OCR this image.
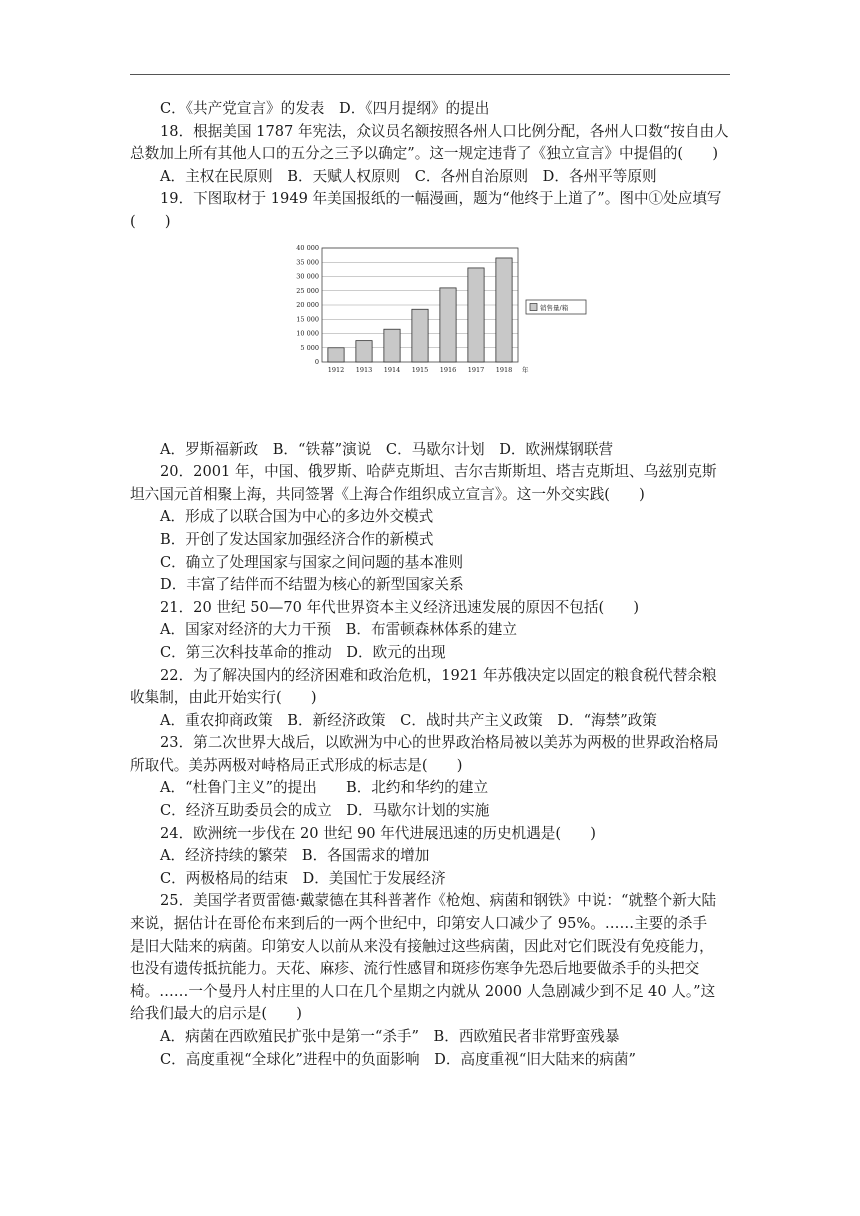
C．《共产党宣言》的发表　D．《四月提纲》的提出
18．根据美国 1787 年宪法，众议员名额按照各州人口比例分配，各州人口数“按自由人
总数加上所有其他人口的五分之三予以确定”。这一规定违背了《独立宣言》中提倡的(　　)
A．主权在民原则　B．天赋人权原则　C．各州自治原则　D．各州平等原则
19．下图取材于 1949 年美国报纸的一幅漫画，题为“他终于上道了”。图中①处应填写
(　　)
0
5 000
10 000
15 000
20 000
25 000
30 000
35 000
40 000
1912 1913 1914 1915 1916 1917 1918 年
销售量/箱
A．罗斯福新政　B．“铁幕”演说　C．马歇尔计划　D．欧洲煤钢联营
20．2001 年，中国、俄罗斯、哈萨克斯坦、吉尔吉斯斯坦、塔吉克斯坦、乌兹别克斯
坦六国元首相聚上海，共同签署《上海合作组织成立宣言》。这一外交实践(　　)
A．形成了以联合国为中心的多边外交模式
B．开创了发达国家加强经济合作的新模式
C．确立了处理国家与国家之间问题的基本准则
D．丰富了结伴而不结盟为核心的新型国家关系
21．20 世纪 50—70 年代世界资本主义经济迅速发展的原因不包括(　　)
A．国家对经济的大力干预　B．布雷顿森林体系的建立
C．第三次科技革命的推动　D．欧元的出现
22．为了解决国内的经济困难和政治危机，1921 年苏俄决定以固定的粮食税代替余粮
收集制，由此开始实行(　　)
A．重农抑商政策　B．新经济政策　C．战时共产主义政策　D．“海禁”政策
23．第二次世界大战后，以欧洲为中心的世界政治格局被以美苏为两极的世界政治格局
所取代。美苏两极对峙格局正式形成的标志是(　　)
A．“杜鲁门主义”的提出　　B．北约和华约的建立
C．经济互助委员会的成立　D．马歇尔计划的实施
24．欧洲统一步伐在 20 世纪 90 年代进展迅速的历史机遇是(　　)
A．经济持续的繁荣　B．各国需求的增加
C．两极格局的结束　D．美国忙于发展经济
25．美国学者贾雷德·戴蒙德在其科普著作《枪炮、病菌和钢铁》中说：“就整个新大陆
来说，据估计在哥伦布来到后的一两个世纪中，印第安人口减少了 95%。……主要的杀手
是旧大陆来的病菌。印第安人以前从来没有接触过这些病菌，因此对它们既没有免疫能力，
也没有遗传抵抗能力。天花、麻疹、流行性感冒和斑疹伤寒争先恐后地要做杀手的头把交
椅。……一个曼丹人村庄里的人口在几个星期之内就从 2000 人急剧减少到不足 40 人。”这
给我们最大的启示是(　　)
A．病菌在西欧殖民扩张中是第一“杀手”　B．西欧殖民者非常野蛮残暴
C．高度重视“全球化”进程中的负面影响　D．高度重视“旧大陆来的病菌”
